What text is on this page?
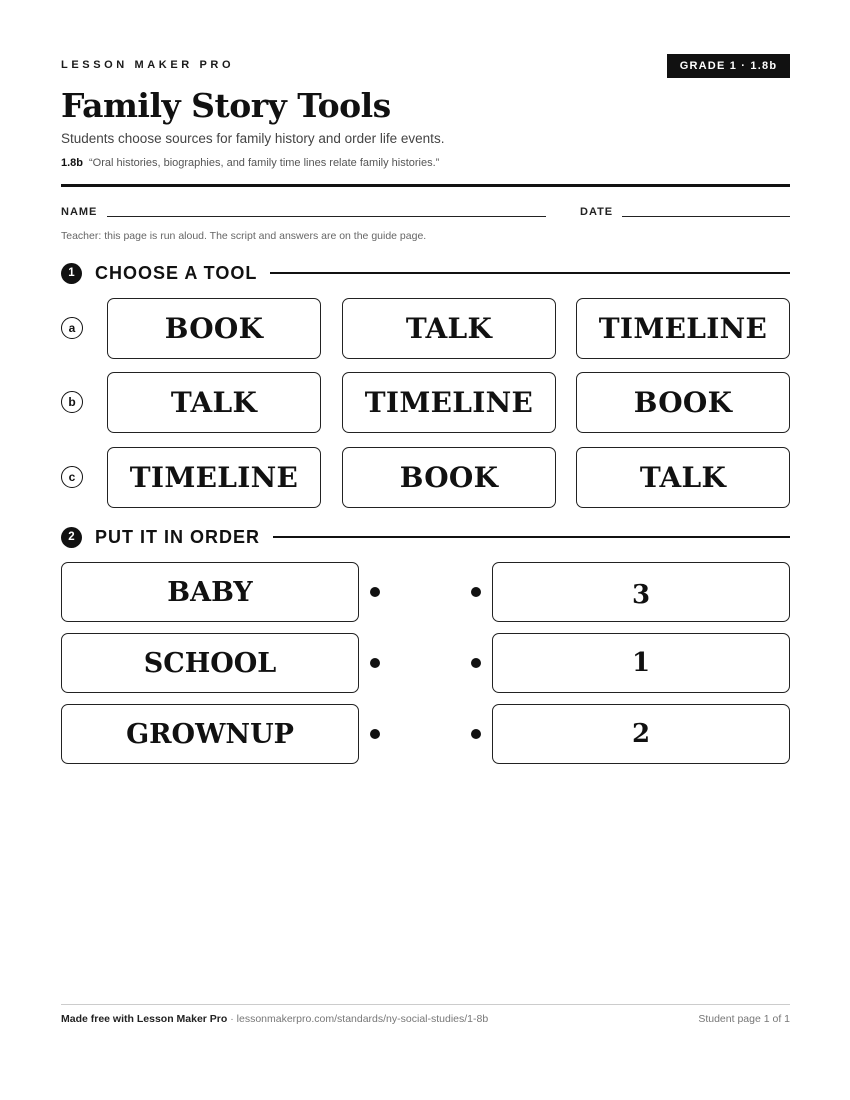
LESSON MAKER PRO	GRADE 1 · 1.8b
Family Story Tools
Students choose sources for family history and order life events.
1.8b “Oral histories, biographies, and family time lines relate family histories.”
NAME	DATE
Teacher: this page is run aloud. The script and answers are on the guide page.
1	CHOOSE A TOOL
a	BOOK	TALK	TIMELINE
b	TALK	TIMELINE	BOOK
c	TIMELINE	BOOK	TALK
2	PUT IT IN ORDER
BABY	3
SCHOOL	1
GROWNUP	2
Made free with Lesson Maker Pro · lessonmakerpro.com/standards/ny-social-studies/1-8b	Student page 1 of 1
